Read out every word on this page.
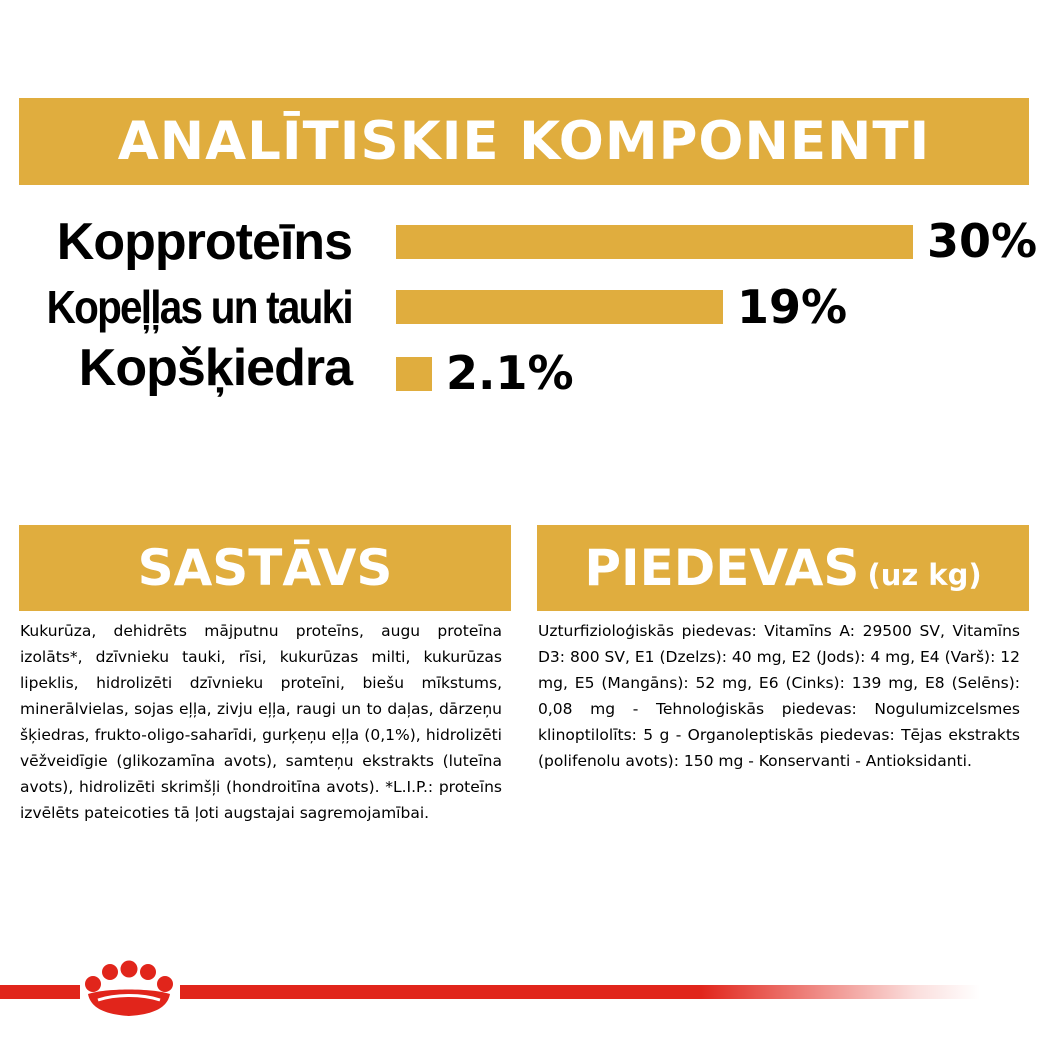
ANALĪTISKIE KOMPONENTI
Kopproteīns	30%
Kopeļļas un tauki	19%
Kopšķiedra 2.1%
SASTĀVS
Kukurūza, dehidrēts mājputnu proteīns, augu proteīna izolāts*, dzīvnieku tauki, rīsi, kukurūzas milti, kukurūzas lipeklis, hidrolizēti dzīvnieku proteīni, biešu mīkstums, minerālvielas, sojas eļļa, zivju eļļa, raugi un to daļas, dārzeņu šķiedras, frukto-oligo-saharīdi, gurķeņu eļļa (0,1%), hidrolizēti vēžveidīgie (glikozamīna avots), samteņu ekstrakts (luteīna avots), hidrolizēti skrimšļi (hondroitīna avots). *L.I.P.: proteīns izvēlēts pateicoties tā ļoti augstajai sagremojamībai.
PIEDEVAS (uz kg)
Uzturfizioloģiskās piedevas: Vitamīns A: 29500 SV, Vitamīns D3: 800 SV, E1 (Dzelzs): 40 mg, E2 (Jods): 4 mg, E4 (Varš): 12 mg, E5 (Mangāns): 52 mg, E6 (Cinks): 139 mg, E8 (Selēns): 0,08 mg - Tehnoloģiskās piedevas: Nogulumizcelsmes klinoptilolīts: 5 g - Organoleptiskās piedevas: Tējas ekstrakts (polifenolu avots): 150 mg - Konservanti - Antioksidanti.
